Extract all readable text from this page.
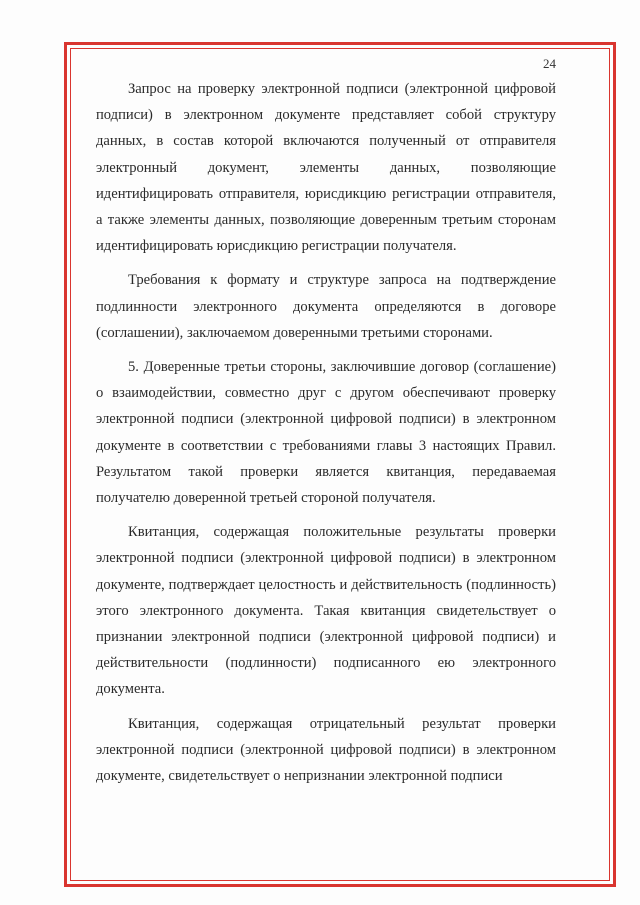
24

Запрос на проверку электронной подписи (электронной цифровой подписи) в электронном документе представляет собой структуру данных, в состав которой включаются полученный от отправителя электронный документ, элементы данных, позволяющие идентифицировать отправителя, юрисдикцию регистрации отправителя, а также элементы данных, позволяющие доверенным третьим сторонам идентифицировать юрисдикцию регистрации получателя.

Требования к формату и структуре запроса на подтверждение подлинности электронного документа определяются в договоре (соглашении), заключаемом доверенными третьими сторонами.

5. Доверенные третьи стороны, заключившие договор (соглашение) о взаимодействии, совместно друг с другом обеспечивают проверку электронной подписи (электронной цифровой подписи) в электронном документе в соответствии с требованиями главы 3 настоящих Правил. Результатом такой проверки является квитанция, передаваемая получателю доверенной третьей стороной получателя.

Квитанция, содержащая положительные результаты проверки электронной подписи (электронной цифровой подписи) в электронном документе, подтверждает целостность и действительность (подлинность) этого электронного документа. Такая квитанция свидетельствует о признании электронной подписи (электронной цифровой подписи) и действительности (подлинности) подписанного ею электронного документа.

Квитанция, содержащая отрицательный результат проверки электронной подписи (электронной цифровой подписи) в электронном документе, свидетельствует о непризнании электронной подписи
